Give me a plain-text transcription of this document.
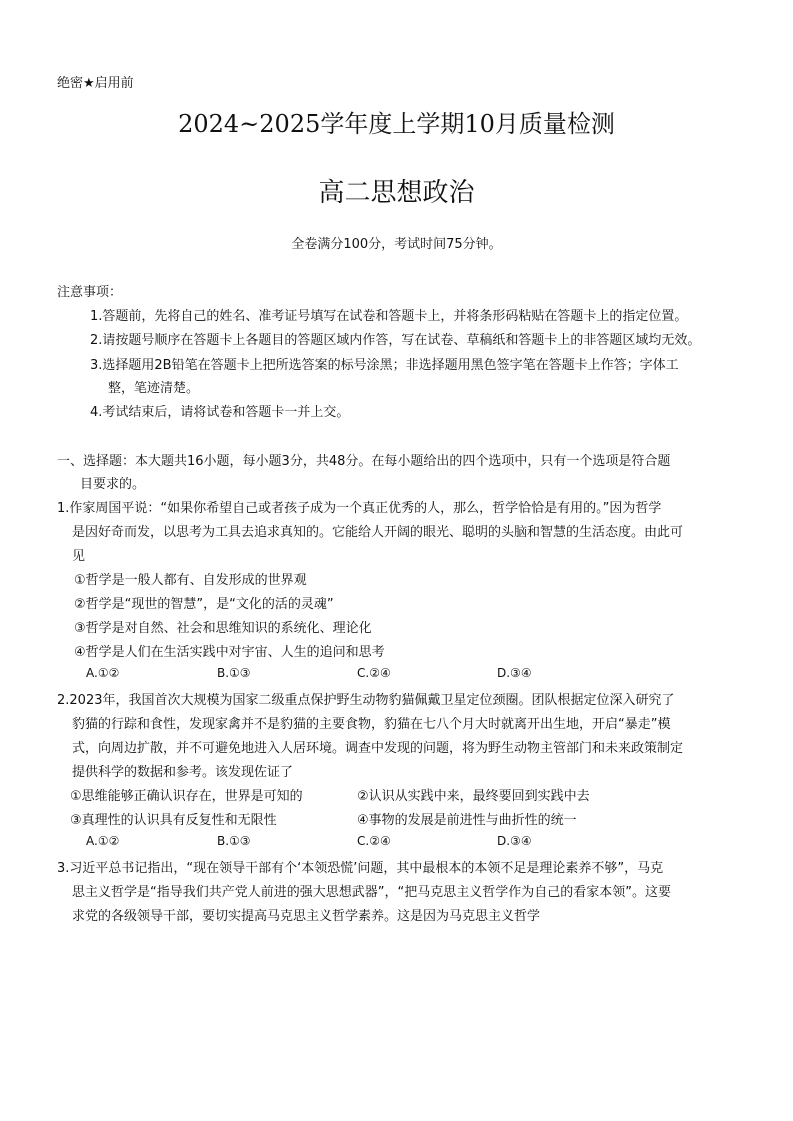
绝密★启用前
2024~2025学年度上学期10月质量检测
高二思想政治
全卷满分100分，考试时间75分钟。
注意事项：
1.答题前，先将自己的姓名、准考证号填写在试卷和答题卡上，并将条形码粘贴在答题卡上的指定位置。
2.请按题号顺序在答题卡上各题目的答题区域内作答，写在试卷、草稿纸和答题卡上的非答题区域均无效。
3.选择题用2B铅笔在答题卡上把所选答案的标号涂黑；非选择题用黑色签字笔在答题卡上作答；字体工
整，笔迹清楚。
4.考试结束后，请将试卷和答题卡一并上交。
一、选择题：本大题共16小题，每小题3分，共48分。在每小题给出的四个选项中，只有一个选项是符合题
目要求的。
1.作家周国平说：“如果你希望自己或者孩子成为一个真正优秀的人，那么，哲学恰恰是有用的。”因为哲学
是因好奇而发，以思考为工具去追求真知的。它能给人开阔的眼光、聪明的头脑和智慧的生活态度。由此可
见
①哲学是一般人都有、自发形成的世界观
②哲学是“现世的智慧”，是“文化的活的灵魂”
③哲学是对自然、社会和思维知识的系统化、理论化
④哲学是人们在生活实践中对宇宙、人生的追问和思考
A.①②	B.①③	C.②④	D.③④
2.2023年，我国首次大规模为国家二级重点保护野生动物豹猫佩戴卫星定位颈圈。团队根据定位深入研究了
豹猫的行踪和食性，发现家禽并不是豹猫的主要食物，豹猫在七八个月大时就离开出生地，开启“暴走”模
式，向周边扩散，并不可避免地进入人居环境。调查中发现的问题，将为野生动物主管部门和未来政策制定
提供科学的数据和参考。该发现佐证了
①思维能够正确认识存在，世界是可知的	②认识从实践中来，最终要回到实践中去
③真理性的认识具有反复性和无限性	④事物的发展是前进性与曲折性的统一
A.①②	B.①③	C.②④	D.③④
3.习近平总书记指出，“现在领导干部有个‘本领恐慌’问题，其中最根本的本领不足是理论素养不够”，马克
思主义哲学是“指导我们共产党人前进的强大思想武器”，“把马克思主义哲学作为自己的看家本领”。这要
求党的各级领导干部，要切实提高马克思主义哲学素养。这是因为马克思主义哲学
